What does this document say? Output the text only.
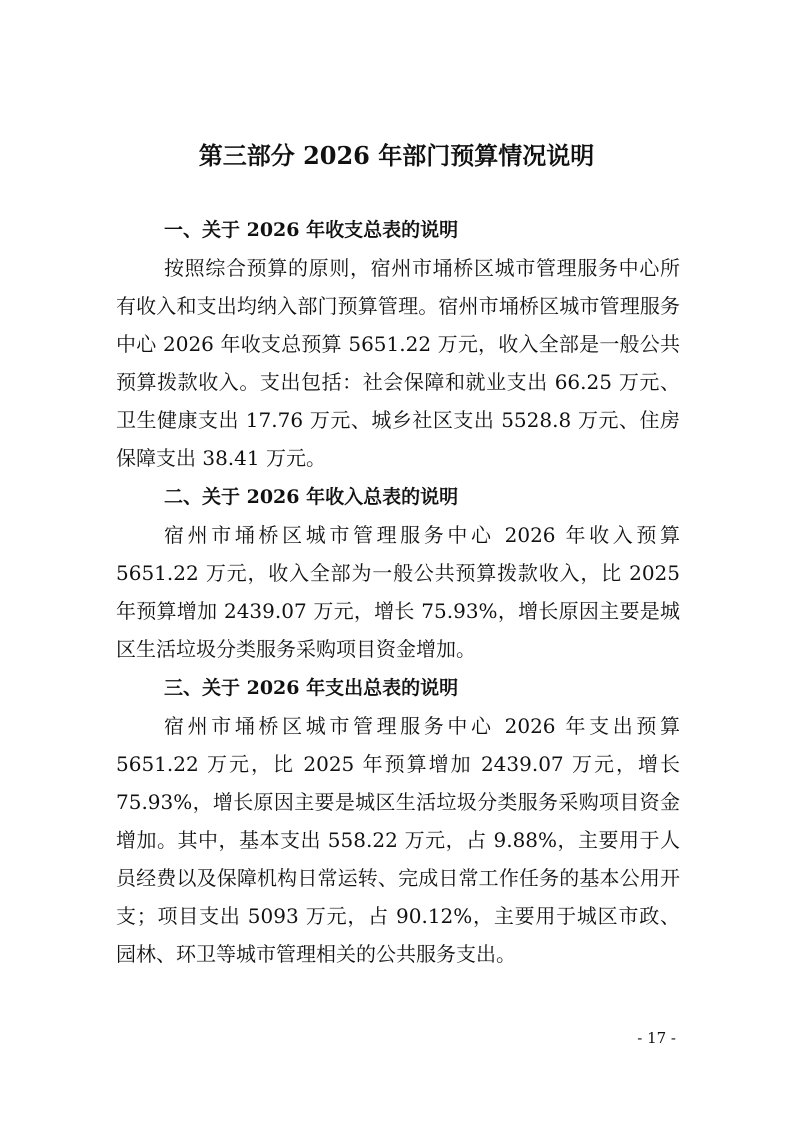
第三部分 2026 年部门预算情况说明
一、关于 2026 年收支总表的说明

按照综合预算的原则，宿州市埇桥区城市管理服务中心所有收入和支出均纳入部门预算管理。宿州市埇桥区城市管理服务中心 2026 年收支总预算 5651.22 万元，收入全部是一般公共预算拨款收入。支出包括：社会保障和就业支出 66.25 万元、卫生健康支出 17.76 万元、城乡社区支出 5528.8 万元、住房保障支出 38.41 万元。

二、关于 2026 年收入总表的说明

宿州市埇桥区城市管理服务中心 2026 年收入预算 5651.22 万元，收入全部为一般公共预算拨款收入，比 2025 年预算增加 2439.07 万元，增长 75.93%，增长原因主要是城区生活垃圾分类服务采购项目资金增加。

三、关于 2026 年支出总表的说明

宿州市埇桥区城市管理服务中心 2026 年支出预算 5651.22 万元，比 2025 年预算增加 2439.07 万元，增长 75.93%，增长原因主要是城区生活垃圾分类服务采购项目资金增加。其中，基本支出 558.22 万元，占 9.88%，主要用于人员经费以及保障机构日常运转、完成日常工作任务的基本公用开支；项目支出 5093 万元，占 90.12%，主要用于城区市政、园林、环卫等城市管理相关的公共服务支出。

- 17 -
